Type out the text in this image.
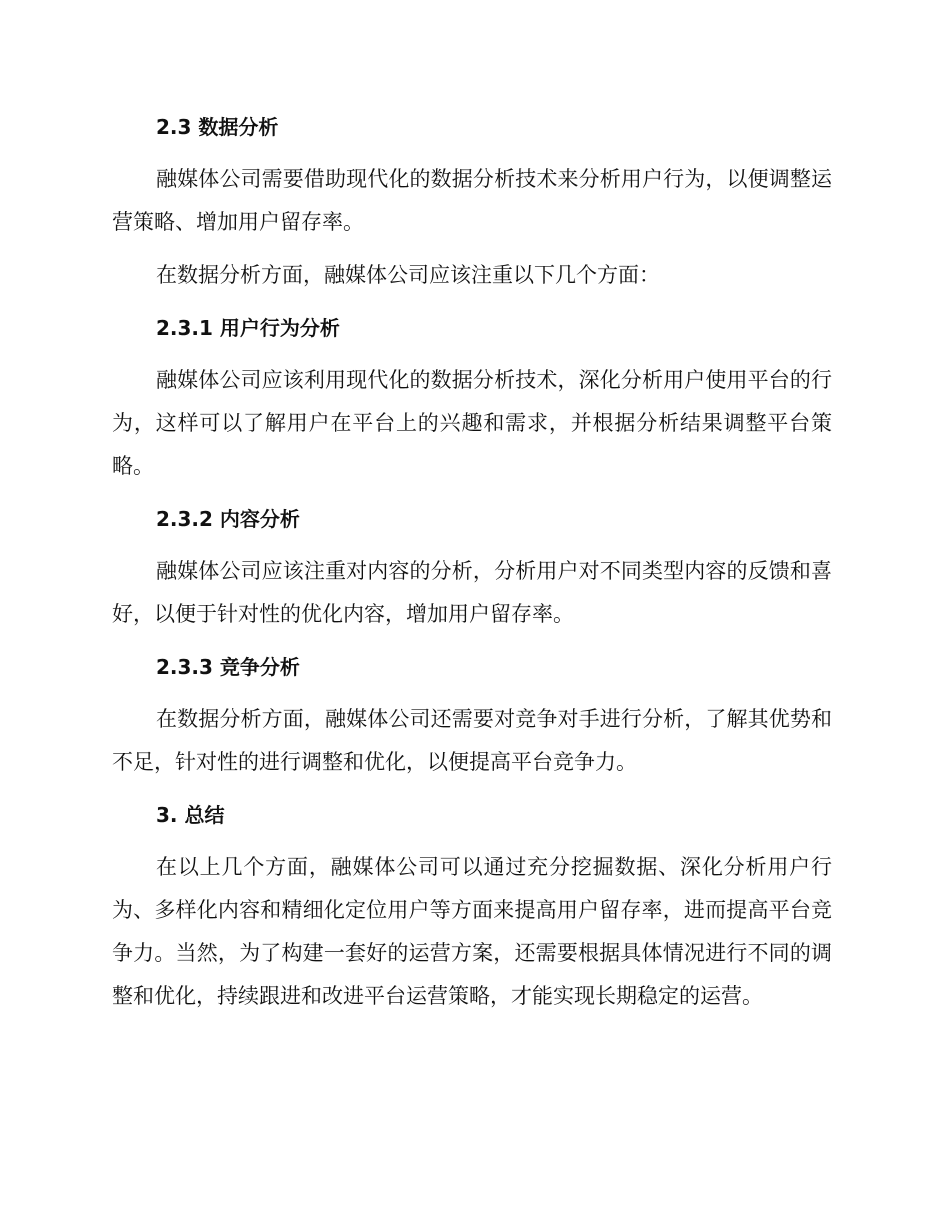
2.3 数据分析

融媒体公司需要借助现代化的数据分析技术来分析用户行为，以便调整运营策略、增加用户留存率。

在数据分析方面，融媒体公司应该注重以下几个方面：

2.3.1 用户行为分析

融媒体公司应该利用现代化的数据分析技术，深化分析用户使用平台的行为，这样可以了解用户在平台上的兴趣和需求，并根据分析结果调整平台策略。

2.3.2 内容分析

融媒体公司应该注重对内容的分析，分析用户对不同类型内容的反馈和喜好，以便于针对性的优化内容，增加用户留存率。

2.3.3 竞争分析

在数据分析方面，融媒体公司还需要对竞争对手进行分析，了解其优势和不足，针对性的进行调整和优化，以便提高平台竞争力。

3. 总结

在以上几个方面，融媒体公司可以通过充分挖掘数据、深化分析用户行为、多样化内容和精细化定位用户等方面来提高用户留存率，进而提高平台竞争力。当然，为了构建一套好的运营方案，还需要根据具体情况进行不同的调整和优化，持续跟进和改进平台运营策略，才能实现长期稳定的运营。
